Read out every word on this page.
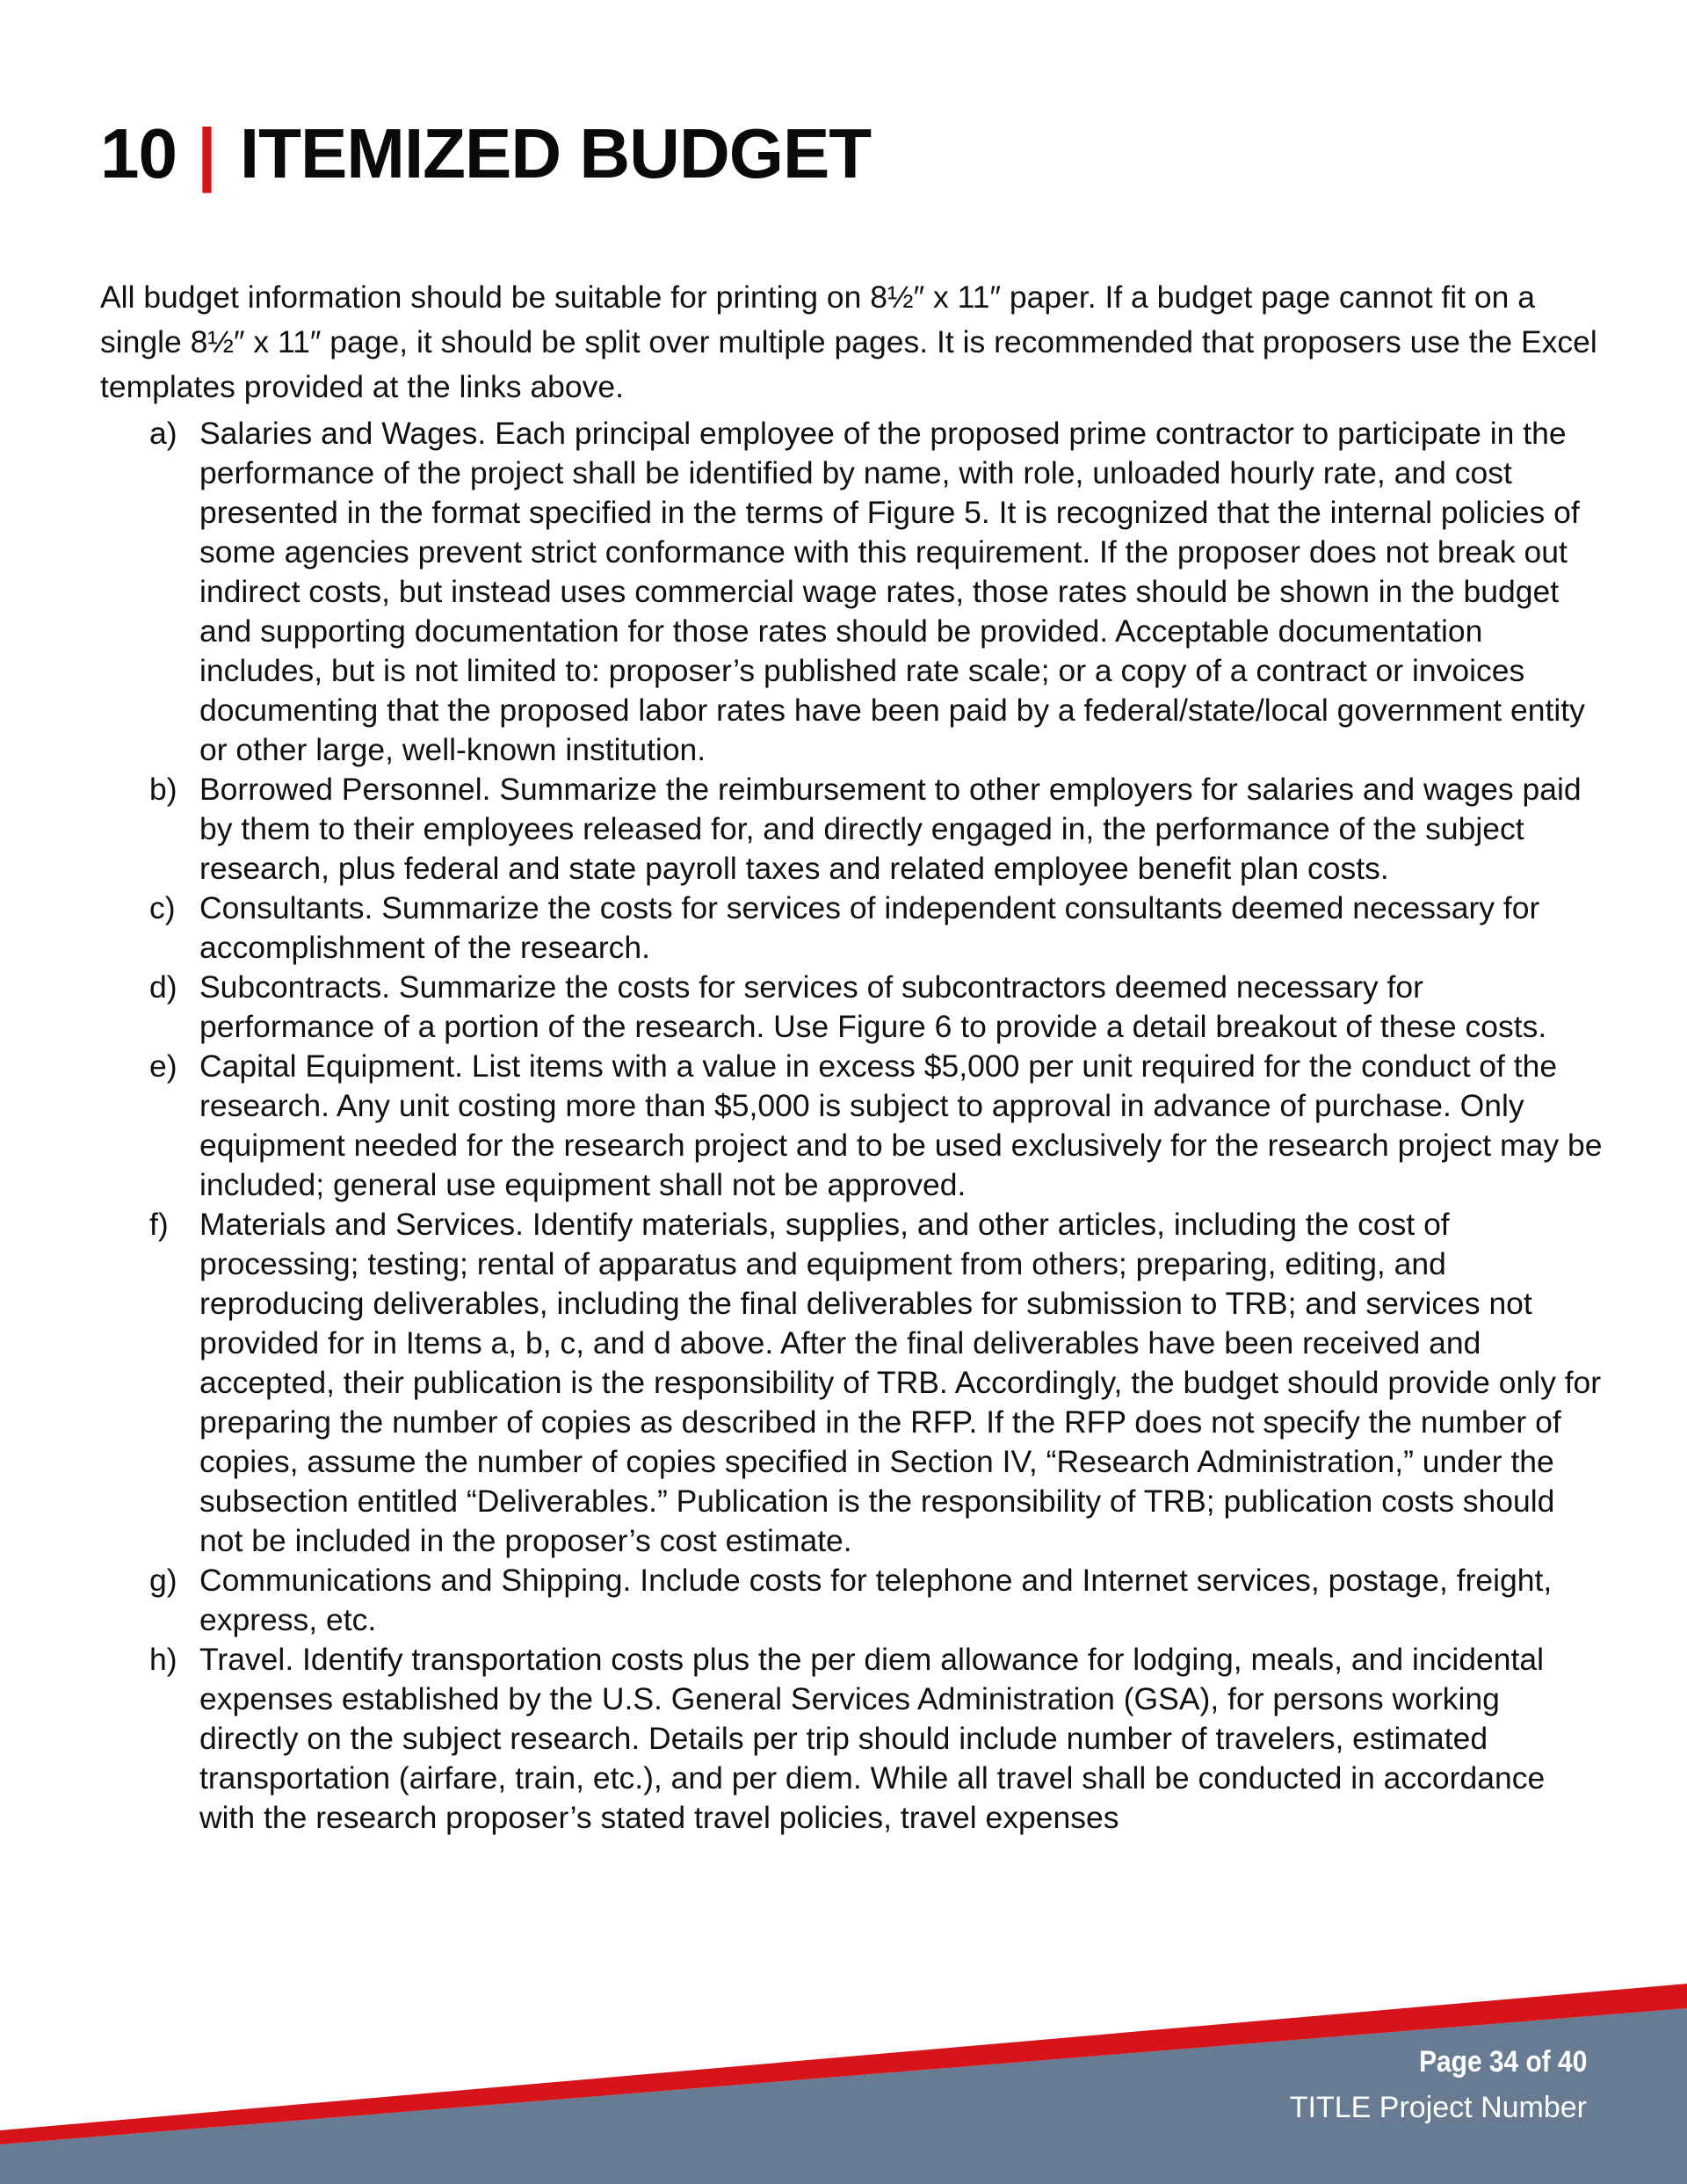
10 | ITEMIZED BUDGET

All budget information should be suitable for printing on 8½″ x 11″ paper. If a budget page cannot fit on a single 8½″ x 11″ page, it should be split over multiple pages. It is recommended that proposers use the Excel templates provided at the links above.

a) Salaries and Wages. Each principal employee of the proposed prime contractor to participate in the performance of the project shall be identified by name, with role, unloaded hourly rate, and cost presented in the format specified in the terms of Figure 5. It is recognized that the internal policies of some agencies prevent strict conformance with this requirement. If the proposer does not break out indirect costs, but instead uses commercial wage rates, those rates should be shown in the budget and supporting documentation for those rates should be provided. Acceptable documentation includes, but is not limited to: proposer’s published rate scale; or a copy of a contract or invoices documenting that the proposed labor rates have been paid by a federal/state/local government entity or other large, well-known institution.
b) Borrowed Personnel. Summarize the reimbursement to other employers for salaries and wages paid by them to their employees released for, and directly engaged in, the performance of the subject research, plus federal and state payroll taxes and related employee benefit plan costs.
c) Consultants. Summarize the costs for services of independent consultants deemed necessary for accomplishment of the research.
d) Subcontracts. Summarize the costs for services of subcontractors deemed necessary for performance of a portion of the research. Use Figure 6 to provide a detail breakout of these costs.
e) Capital Equipment. List items with a value in excess $5,000 per unit required for the conduct of the research. Any unit costing more than $5,000 is subject to approval in advance of purchase. Only equipment needed for the research project and to be used exclusively for the research project may be included; general use equipment shall not be approved.
f) Materials and Services. Identify materials, supplies, and other articles, including the cost of processing; testing; rental of apparatus and equipment from others; preparing, editing, and reproducing deliverables, including the final deliverables for submission to TRB; and services not provided for in Items a, b, c, and d above. After the final deliverables have been received and accepted, their publication is the responsibility of TRB. Accordingly, the budget should provide only for preparing the number of copies as described in the RFP. If the RFP does not specify the number of copies, assume the number of copies specified in Section IV, “Research Administration,” under the subsection entitled “Deliverables.” Publication is the responsibility of TRB; publication costs should not be included in the proposer’s cost estimate.
g) Communications and Shipping. Include costs for telephone and Internet services, postage, freight, express, etc.
h) Travel. Identify transportation costs plus the per diem allowance for lodging, meals, and incidental expenses established by the U.S. General Services Administration (GSA), for persons working directly on the subject research. Details per trip should include number of travelers, estimated transportation (airfare, train, etc.), and per diem. While all travel shall be conducted in accordance with the research proposer’s stated travel policies, travel expenses
Page 34 of 40
TITLE Project Number
